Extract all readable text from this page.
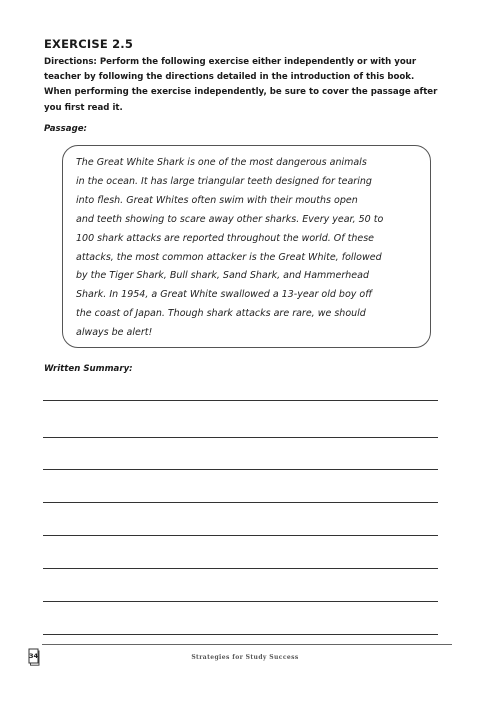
EXERCISE 2.5
Directions: Perform the following exercise either independently or with your
teacher by following the directions detailed in the introduction of this book.
When performing the exercise independently, be sure to cover the passage after
you first read it.
Passage:
The Great White Shark is one of the most dangerous animals
in the ocean. It has large triangular teeth designed for tearing
into flesh. Great Whites often swim with their mouths open
and teeth showing to scare away other sharks. Every year, 50 to
100 shark attacks are reported throughout the world. Of these
attacks, the most common attacker is the Great White, followed
by the Tiger Shark, Bull shark, Sand Shark, and Hammerhead
Shark. In 1954, a Great White swallowed a 13-year old boy off
the coast of Japan. Though shark attacks are rare, we should
always be alert!
Written Summary:
34	Strategies for Study Success
